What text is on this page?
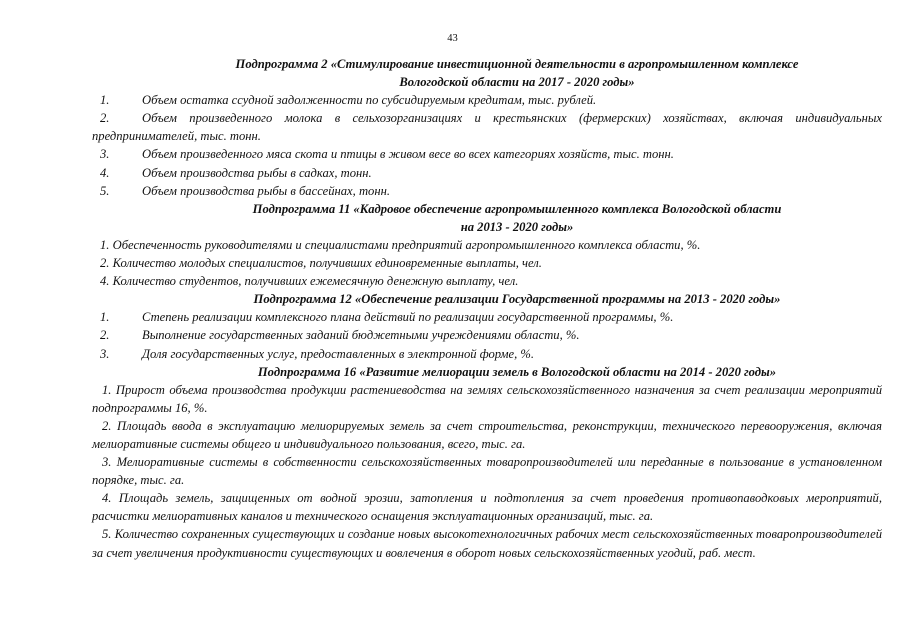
43
Подпрограмма 2 «Стимулирование инвестиционной деятельности в агропромышленном комплексе
Вологодской области на 2017 - 2020 годы»
1.	Объем остатка ссудной задолженности по субсидируемым кредитам, тыс. рублей.
2.	Объем произведенного молока в сельхозорганизациях и крестьянских (фермерских) хозяйствах, включая индивидуальных предпринимателей, тыс. тонн.
3.	Объем произведенного мяса скота и птицы в живом весе во всех категориях хозяйств, тыс. тонн.
4.	Объем производства рыбы в садках, тонн.
5.	Объем производства рыбы в бассейнах, тонн.
Подпрограмма 11 «Кадровое обеспечение агропромышленного комплекса Вологодской области
на 2013 - 2020 годы»
1. Обеспеченность руководителями и специалистами предприятий агропромышленного комплекса области, %.
2. Количество молодых специалистов, получивших единовременные выплаты, чел.
4. Количество студентов, получивших ежемесячную денежную выплату, чел.
Подпрограмма 12 «Обеспечение реализации Государственной программы на 2013 - 2020 годы»
1.	Степень реализации комплексного плана действий по реализации государственной программы, %.
2.	Выполнение государственных заданий бюджетными учреждениями области, %.
3.	Доля государственных услуг, предоставленных в электронной форме, %.
Подпрограмма 16 «Развитие мелиорации земель в Вологодской области на 2014 - 2020 годы»
1. Прирост объема производства продукции растениеводства на землях сельскохозяйственного назначения за счет реализации мероприятий подпрограммы 16, %.
2. Площадь ввода в эксплуатацию мелиорируемых земель за счет строительства, реконструкции, технического перевооружения, включая мелиоративные системы общего и индивидуального пользования, всего, тыс. га.
3. Мелиоративные системы в собственности сельскохозяйственных товаропроизводителей или переданные в пользование в установленном порядке, тыс. га.
4. Площадь земель, защищенных от водной эрозии, затопления и подтопления за счет проведения противопаводковых мероприятий, расчистки мелиоративных каналов и технического оснащения эксплуатационных организаций, тыс. га.
5. Количество сохраненных существующих и создание новых высокотехнологичных рабочих мест сельскохозяйственных товаропроизводителей за счет увеличения продуктивности существующих и вовлечения в оборот новых сельскохозяйственных угодий, раб. мест.
